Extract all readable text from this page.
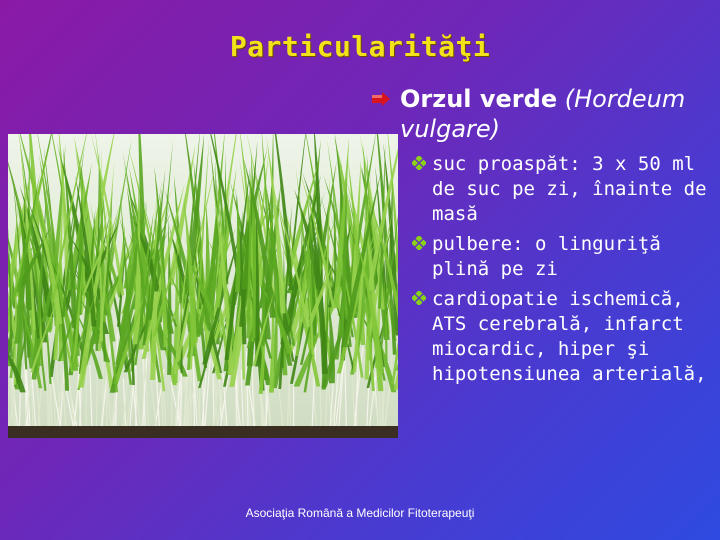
Particularităţi
Orzul verde (Hordeum vulgare)
suc proaspăt: 3 x 50 ml de suc pe zi, înainte de masă
pulbere: o linguriţă plină pe zi
cardiopatie ischemică, ATS cerebrală, infarct miocardic, hiper şi hipotensiunea arterială,
Asociaţia Română a Medicilor Fitoterapeuţi
